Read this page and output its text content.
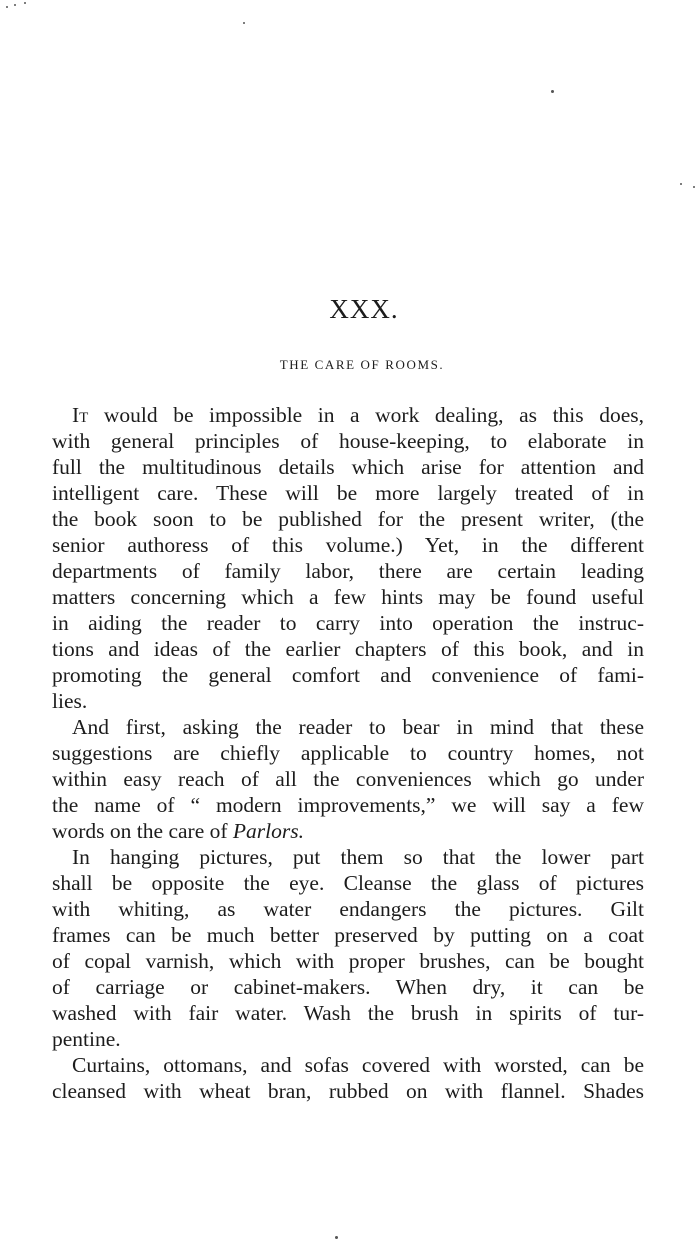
XXX.
THE CARE OF ROOMS.
It would be impossible in a work dealing, as this does,
with general principles of house-keeping, to elaborate in
full the multitudinous details which arise for attention and
intelligent care. These will be more largely treated of in
the book soon to be published for the present writer, (the
senior authoress of this volume.) Yet, in the different
departments of family labor, there are certain leading
matters concerning which a few hints may be found useful
in aiding the reader to carry into operation the instruc-
tions and ideas of the earlier chapters of this book, and in
promoting the general comfort and convenience of fami-
lies.
And first, asking the reader to bear in mind that these
suggestions are chiefly applicable to country homes, not
within easy reach of all the conveniences which go under
the name of “ modern improvements,” we will say a few
words on the care of Parlors.
In hanging pictures, put them so that the lower part
shall be opposite the eye. Cleanse the glass of pictures
with whiting, as water endangers the pictures. Gilt
frames can be much better preserved by putting on a coat
of copal varnish, which with proper brushes, can be bought
of carriage or cabinet-makers. When dry, it can be
washed with fair water. Wash the brush in spirits of tur-
pentine.
Curtains, ottomans, and sofas covered with worsted, can be
cleansed with wheat bran, rubbed on with flannel. Shades
